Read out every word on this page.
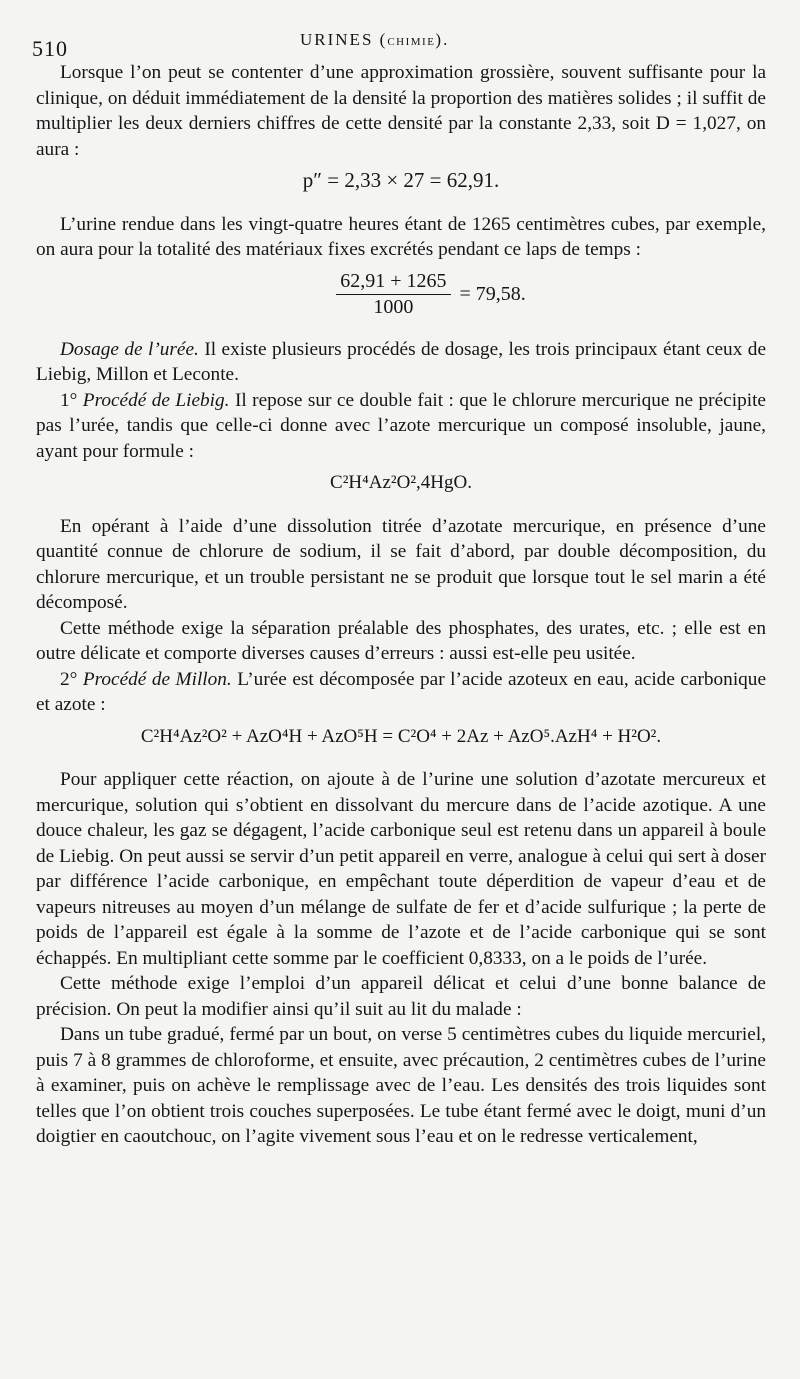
510	URINES (CHIMIE).

Lorsque l’on peut se contenter d’une approximation grossière, souvent suffisante pour la clinique, on déduit immédiatement de la densité la proportion des matières solides ; il suffit de multiplier les deux derniers chiffres de cette densité par la constante 2,33, soit D = 1,027, on aura :

p″ = 2,33 × 27 = 62,91.

L’urine rendue dans les vingt-quatre heures étant de 1265 centimètres cubes, par exemple, on aura pour la totalité des matériaux fixes excrétés pendant ce laps de temps :

$\frac{62,91 + 1265}{1000} = 79,58$.

Dosage de l’urée. Il existe plusieurs procédés de dosage, les trois principaux étant ceux de Liebig, Millon et Leconte.

1° Procédé de Liebig. Il repose sur ce double fait : que le chlorure mercurique ne précipite pas l’urée, tandis que celle-ci donne avec l’azote mercurique un composé insoluble, jaune, ayant pour formule :

C²H⁴Az²O²,4HgO.

En opérant à l’aide d’une dissolution titrée d’azotate mercurique, en présence d’une quantité connue de chlorure de sodium, il se fait d’abord, par double décomposition, du chlorure mercurique, et un trouble persistant ne se produit que lorsque tout le sel marin a été décomposé.

Cette méthode exige la séparation préalable des phosphates, des urates, etc. ; elle est en outre délicate et comporte diverses causes d’erreurs : aussi est-elle peu usitée.

2° Procédé de Millon. L’urée est décomposée par l’acide azoteux en eau, acide carbonique et azote :

C²H⁴Az²O² + AzO⁴H + AzO⁵H = C²O⁴ + 2Az + AzO⁵.AzH⁴ + H²O².

Pour appliquer cette réaction, on ajoute à de l’urine une solution d’azotate mercureux et mercurique, solution qui s’obtient en dissolvant du mercure dans de l’acide azotique. A une douce chaleur, les gaz se dégagent, l’acide carbonique seul est retenu dans un appareil à boule de Liebig. On peut aussi se servir d’un petit appareil en verre, analogue à celui qui sert à doser par différence l’acide carbonique, en empêchant toute déperdition de vapeur d’eau et de vapeurs nitreuses au moyen d’un mélange de sulfate de fer et d’acide sulfurique ; la perte de poids de l’appareil est égale à la somme de l’azote et de l’acide carbonique qui se sont échappés. En multipliant cette somme par le coefficient 0,8333, on a le poids de l’urée.

Cette méthode exige l’emploi d’un appareil délicat et celui d’une bonne balance de précision. On peut la modifier ainsi qu’il suit au lit du malade :

Dans un tube gradué, fermé par un bout, on verse 5 centimètres cubes du liquide mercuriel, puis 7 à 8 grammes de chloroforme, et ensuite, avec précaution, 2 centimètres cubes de l’urine à examiner, puis on achève le remplissage avec de l’eau. Les densités des trois liquides sont telles que l’on obtient trois couches superposées. Le tube étant fermé avec le doigt, muni d’un doigtier en caoutchouc, on l’agite vivement sous l’eau et on le redresse verticalement,
